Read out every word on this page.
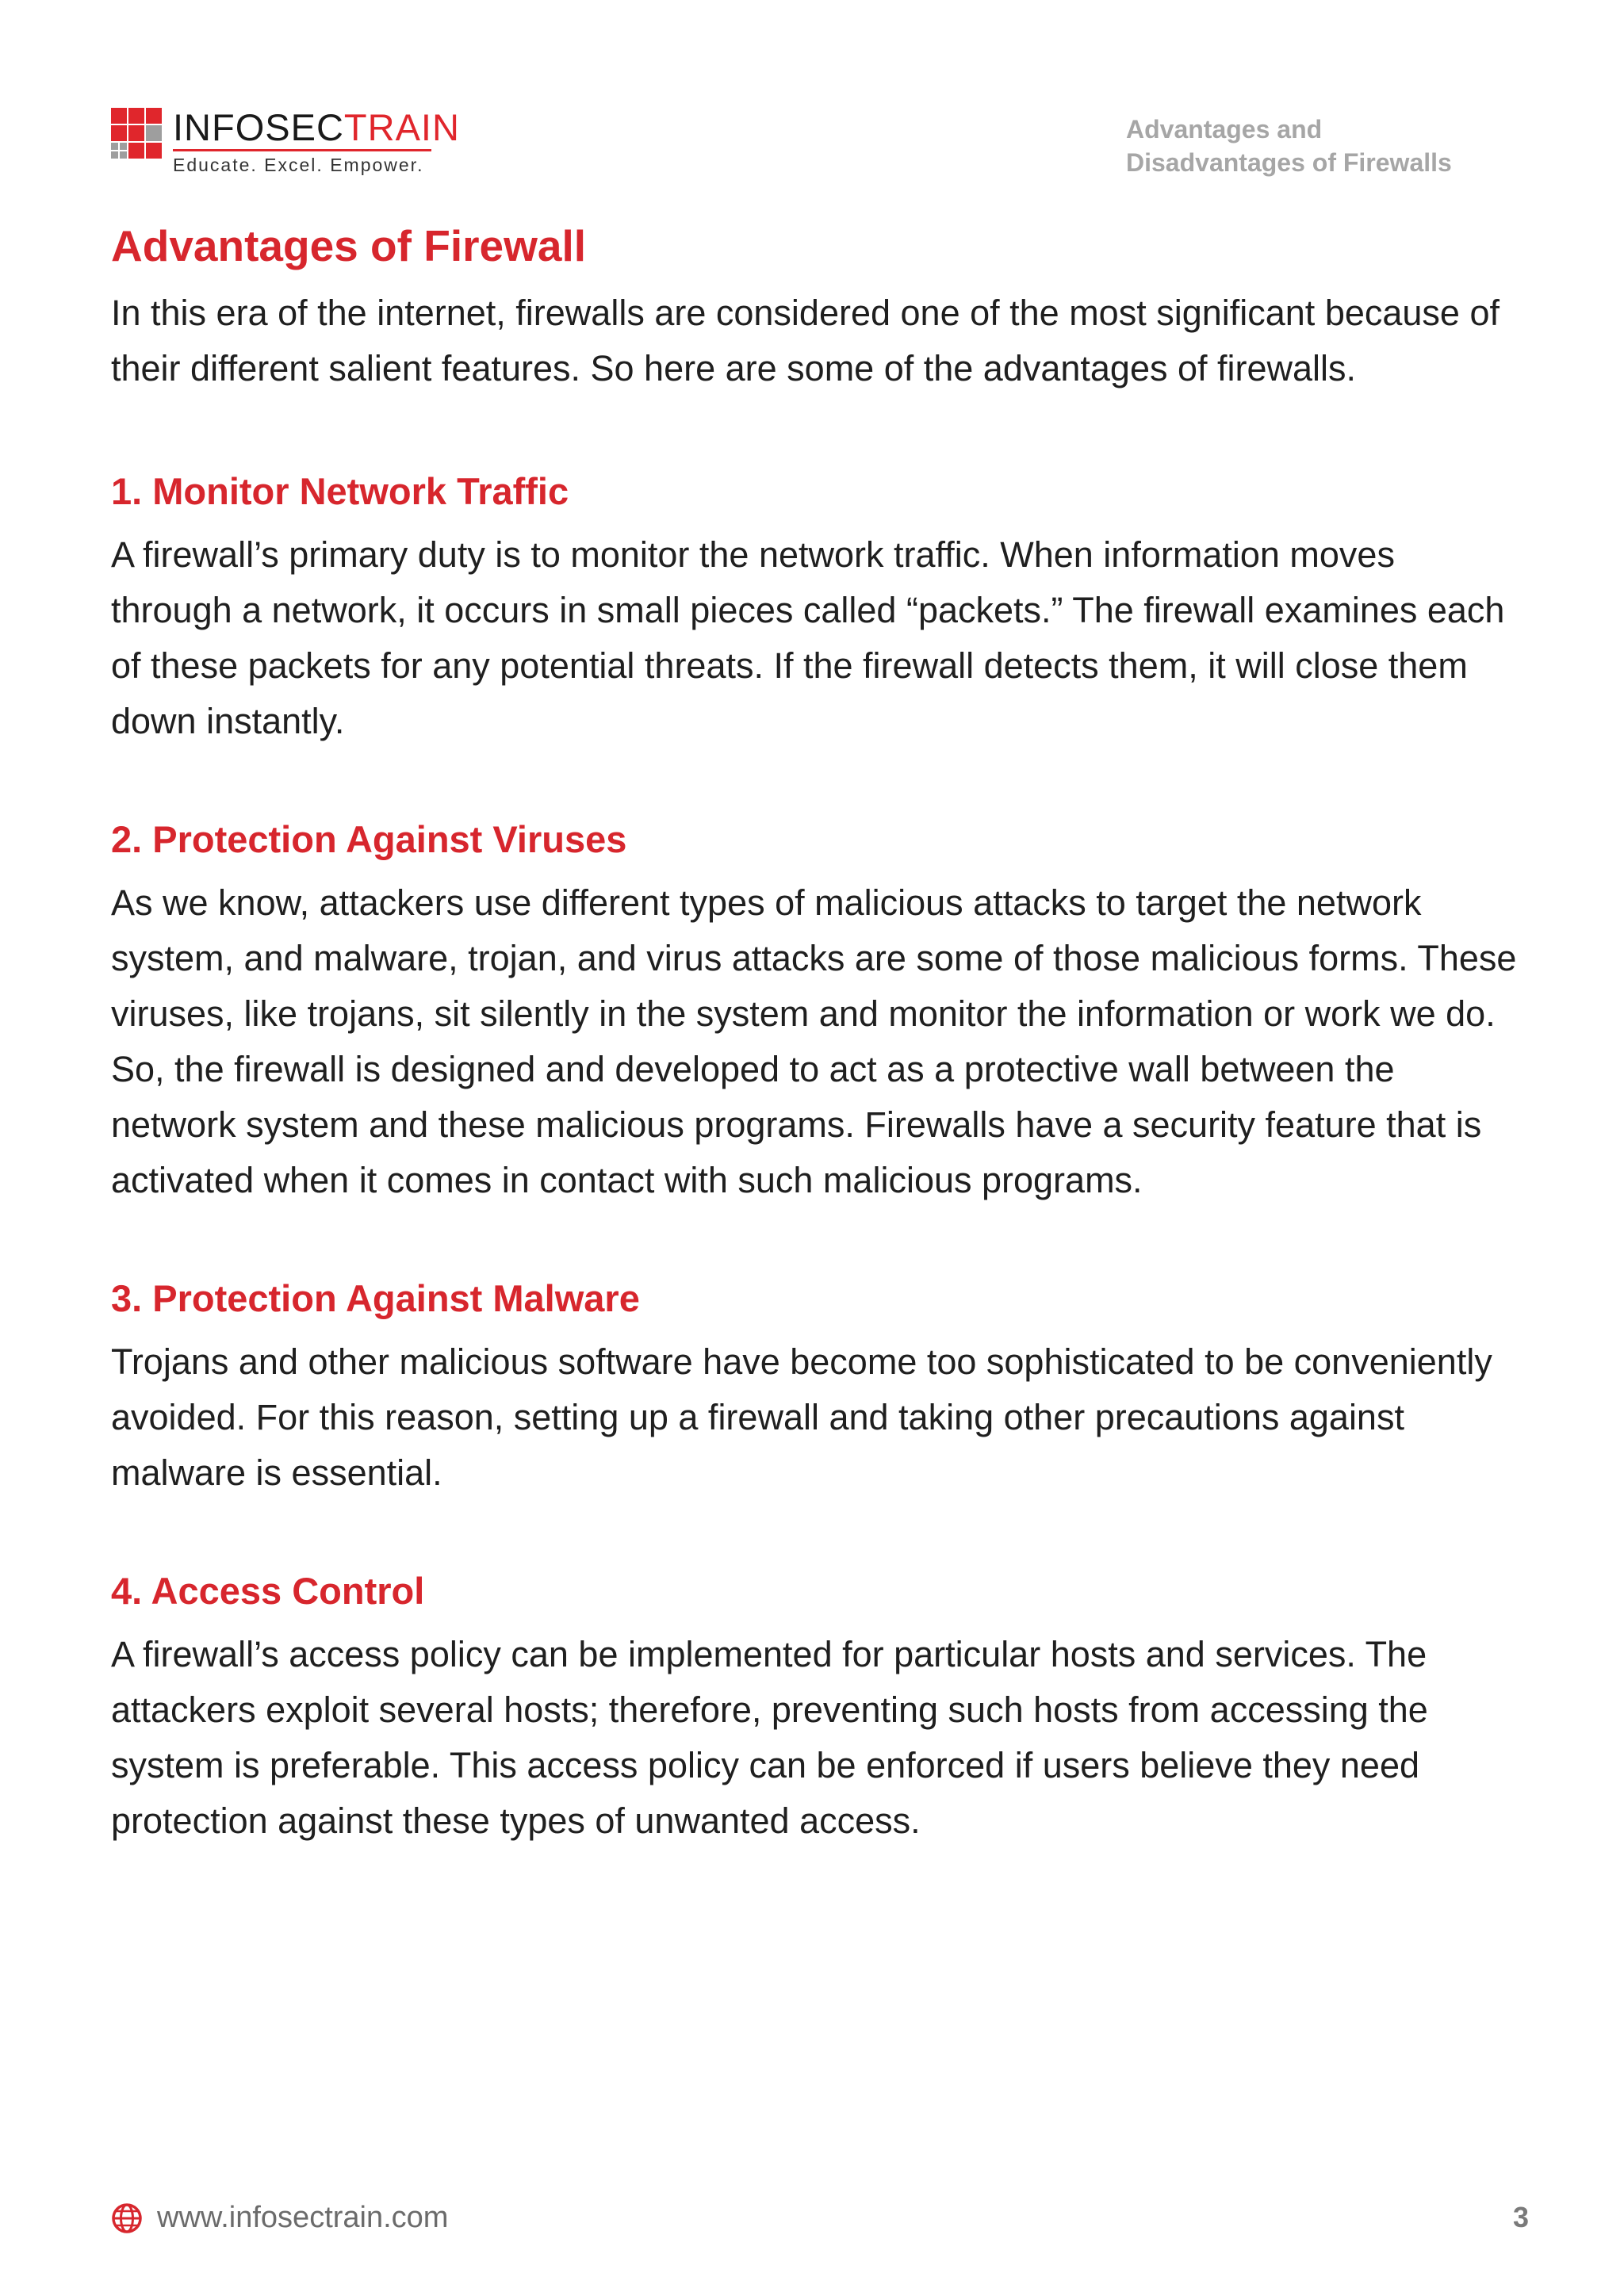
INFOSECTRAIN
Educate. Excel. Empower.
Advantages and
Disadvantages of Firewalls
Advantages of Firewall

In this era of the internet, firewalls are considered one of the most significant because of their different salient features. So here are some of the advantages of firewalls.

1. Monitor Network Traffic

A firewall’s primary duty is to monitor the network traffic. When information moves through a network, it occurs in small pieces called “packets.” The firewall examines each of these packets for any potential threats. If the firewall detects them, it will close them down instantly.

2. Protection Against Viruses

As we know, attackers use different types of malicious attacks to target the network system, and malware, trojan, and virus attacks are some of those malicious forms. These viruses, like trojans, sit silently in the system and monitor the information or work we do. So, the firewall is designed and developed to act as a protective wall between the network system and these malicious programs. Firewalls have a security feature that is activated when it comes in contact with such malicious programs.

3. Protection Against Malware

Trojans and other malicious software have become too sophisticated to be conveniently avoided. For this reason, setting up a firewall and taking other precautions against malware is essential.

4. Access Control

A firewall’s access policy can be implemented for particular hosts and services. The attackers exploit several hosts; therefore, preventing such hosts from accessing the system is preferable. This access policy can be enforced if users believe they need protection against these types of unwanted access.

www.infosectrain.com	3
